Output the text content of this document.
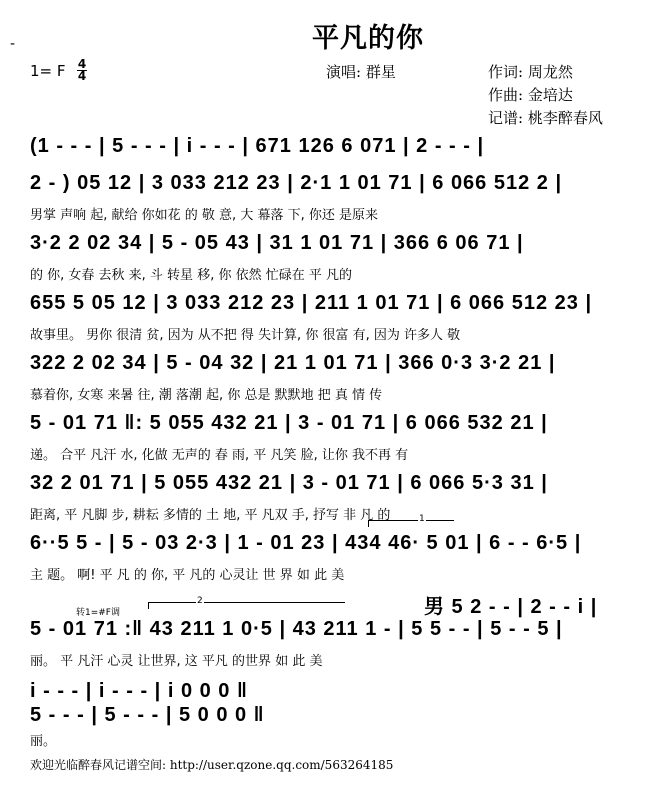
平凡的你
-
1= F 4
4	演唱: 群星	作词: 周龙然
作曲: 金培达
记谱: 桃李醉春风
(1 - - - | 5 - - - | i - - - | 671 126 6 071 | 2 - - - |
2 - ) 05 12 | 3 033 212 23 | 2·1 1 01 71 | 6 066 512 2 |
男掌 声响 起, 献给 你如花 的 敬 意, 大 幕落 下, 你还 是原来
3·2 2 02 34 | 5 - 05 43 | 31 1 01 71 | 366 6 06 71 |
的 你, 女春 去秋 来, 斗 转星 移, 你 依然 忙碌在 平 凡的
655 5 05 12 | 3 033 212 23 | 211 1 01 71 | 6 066 512 23 |
故事里。 男你 很清 贫, 因为 从不把 得 失计算, 你 很富 有, 因为 许多人 敬
322 2 02 34 | 5 - 04 32 | 21 1 01 71 | 366 0·3 3·2 21 |
慕着你, 女寒 来暑 往, 潮 落潮 起, 你 总是 默默地 把 真 情 传
5 - 01 71 ‖: 5 055 432 21 | 3 - 01 71 | 6 066 532 21 |
递。 合平 凡汗 水, 化做 无声的 春 雨, 平 凡笑 脸, 让你 我不再 有
32 2 01 71 | 5 055 432 21 | 3 - 01 71 | 6 066 5·3 31 |
距离, 平 凡脚 步, 耕耘 多情的 土 地, 平 凡双 手, 抒写 非 凡 的	1
6··5 5 - | 5 - 03 2·3 | 1 - 01 23 | 434 46· 5 01 | 6 - - 6·5 |
主 题。 啊! 平 凡 的 你, 平 凡的 心灵让 世 界 如 此 美
转1=#F调
2	男 5 2 - - | 2 - - i |
5 - 01 71 :‖ 43 211 1 0·5 | 43 211 1 - | 5 5 - - | 5 - - 5 |
丽。 平 凡汗 心灵 让世界, 这 平凡 的世界 如 此 美
i - - - | i - - - | i 0 0 0 ‖
5 - - - | 5 - - - | 5 0 0 0 ‖
丽。
欢迎光临醉春风记谱空间: http://user.qzone.qq.com/563264185
